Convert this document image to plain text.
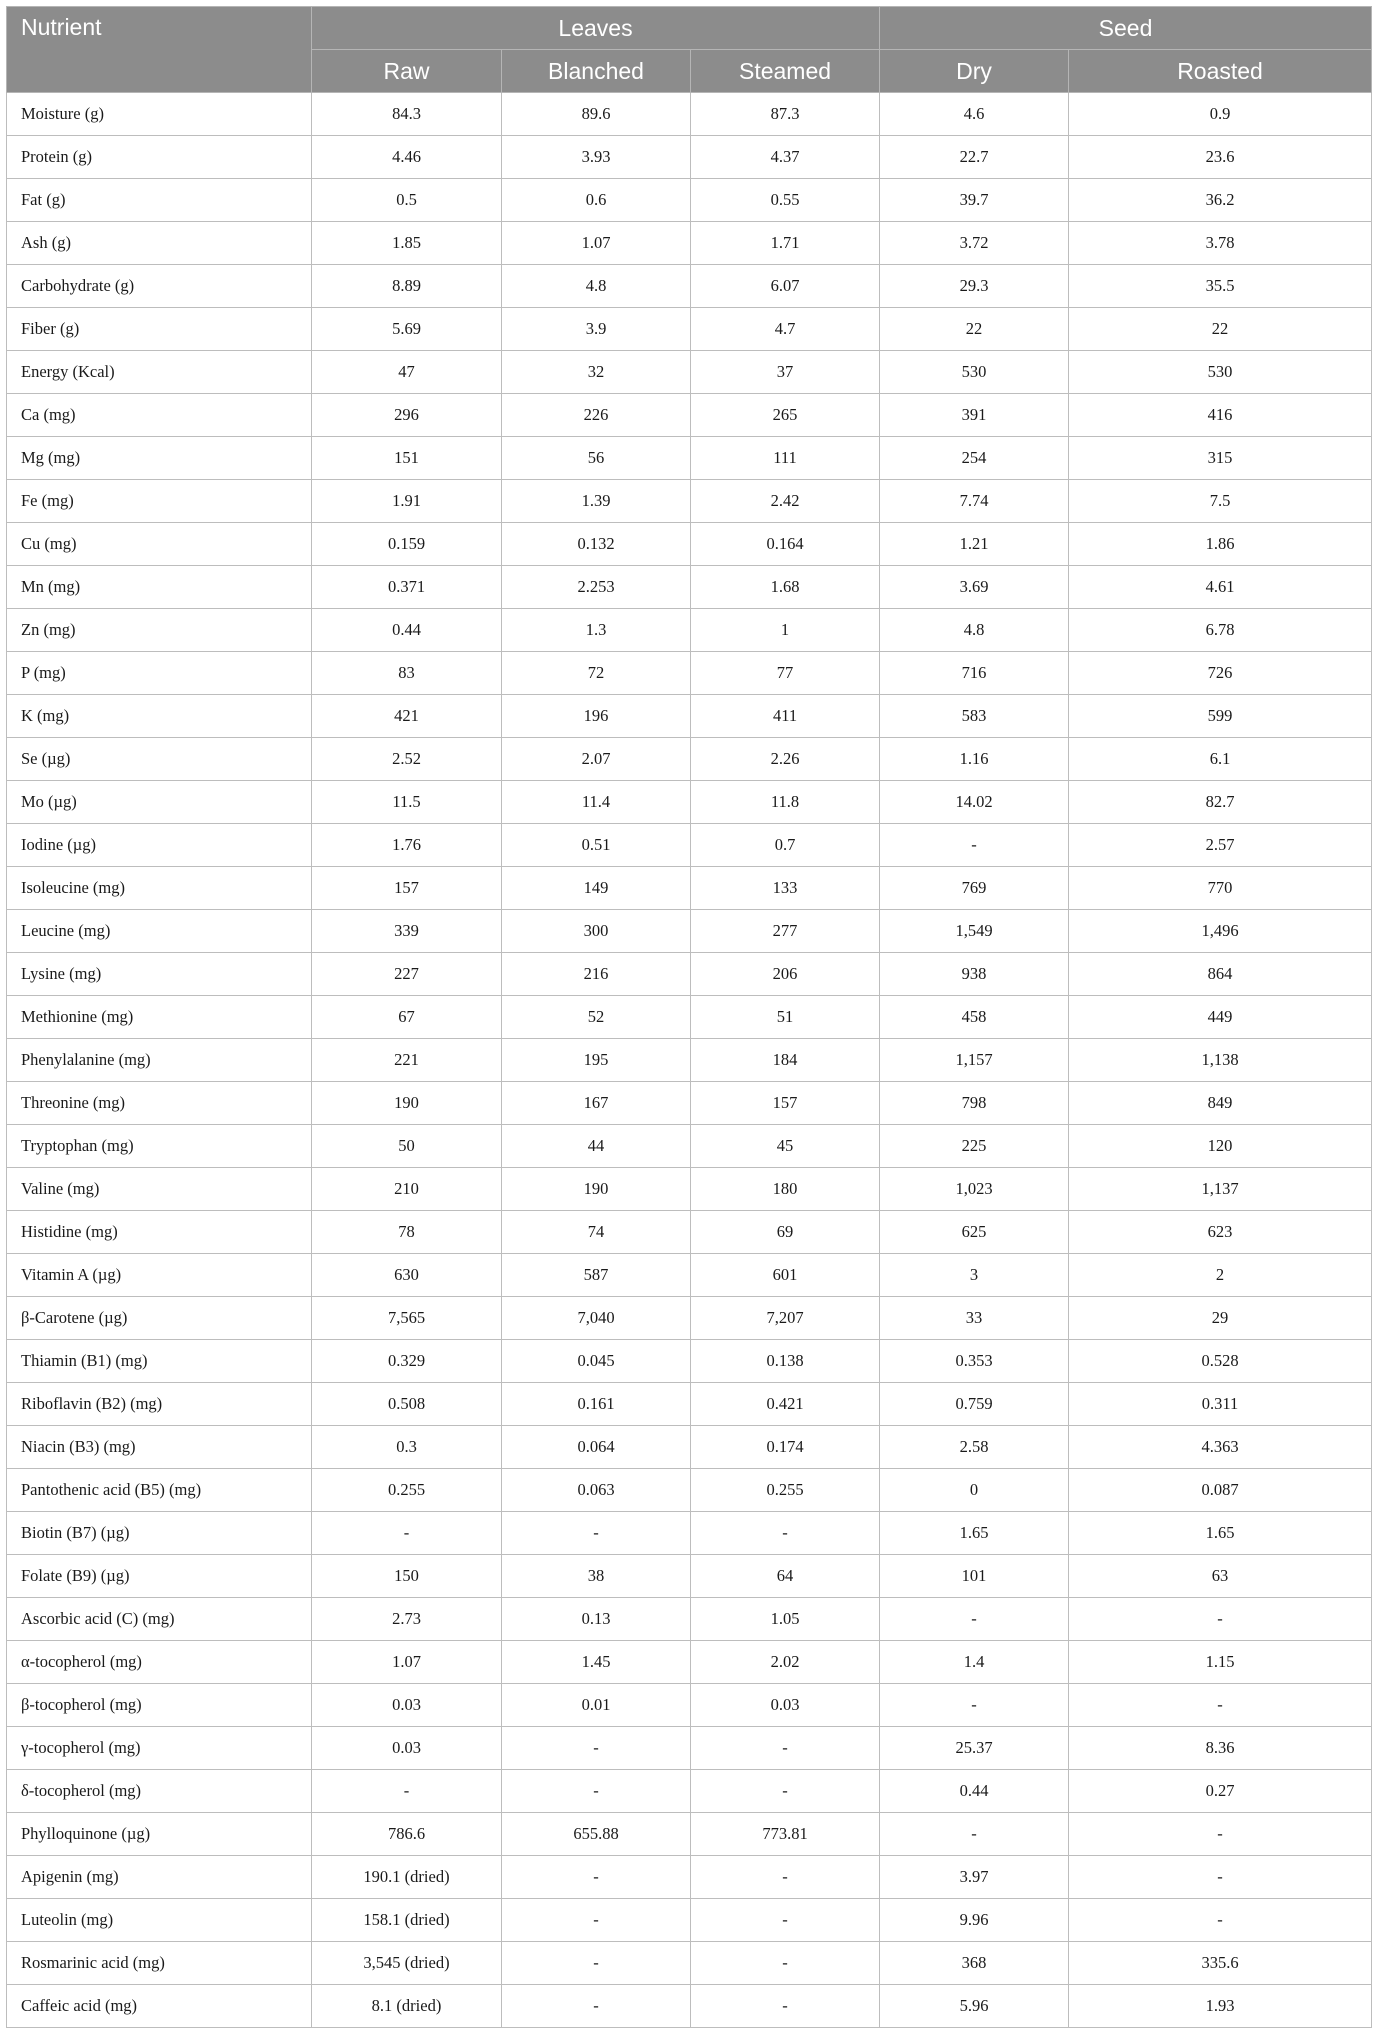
Nutrient	Leaves			Seed	
	Raw	Blanched	Steamed	Dry	Roasted
Moisture (g)	84.3	89.6	87.3	4.6	0.9
Protein (g)	4.46	3.93	4.37	22.7	23.6
Fat (g)	0.5	0.6	0.55	39.7	36.2
Ash (g)	1.85	1.07	1.71	3.72	3.78
Carbohydrate (g)	8.89	4.8	6.07	29.3	35.5
Fiber (g)	5.69	3.9	4.7	22	22
Energy (Kcal)	47	32	37	530	530
Ca (mg)	296	226	265	391	416
Mg (mg)	151	56	111	254	315
Fe (mg)	1.91	1.39	2.42	7.74	7.5
Cu (mg)	0.159	0.132	0.164	1.21	1.86
Mn (mg)	0.371	2.253	1.68	3.69	4.61
Zn (mg)	0.44	1.3	1	4.8	6.78
P (mg)	83	72	77	716	726
K (mg)	421	196	411	583	599
Se (µg)	2.52	2.07	2.26	1.16	6.1
Mo (µg)	11.5	11.4	11.8	14.02	82.7
Iodine (µg)	1.76	0.51	0.7	-	2.57
Isoleucine (mg)	157	149	133	769	770
Leucine (mg)	339	300	277	1,549	1,496
Lysine (mg)	227	216	206	938	864
Methionine (mg)	67	52	51	458	449
Phenylalanine (mg)	221	195	184	1,157	1,138
Threonine (mg)	190	167	157	798	849
Tryptophan (mg)	50	44	45	225	120
Valine (mg)	210	190	180	1,023	1,137
Histidine (mg)	78	74	69	625	623
Vitamin A (µg)	630	587	601	3	2
β-Carotene (µg)	7,565	7,040	7,207	33	29
Thiamin (B1) (mg)	0.329	0.045	0.138	0.353	0.528
Riboflavin (B2) (mg)	0.508	0.161	0.421	0.759	0.311
Niacin (B3) (mg)	0.3	0.064	0.174	2.58	4.363
Pantothenic acid (B5) (mg)	0.255	0.063	0.255	0	0.087
Biotin (B7) (µg)	-	-	-	1.65	1.65
Folate (B9) (µg)	150	38	64	101	63
Ascorbic acid (C) (mg)	2.73	0.13	1.05	-	-
α-tocopherol (mg)	1.07	1.45	2.02	1.4	1.15
β-tocopherol (mg)	0.03	0.01	0.03	-	-
γ-tocopherol (mg)	0.03	-	-	25.37	8.36
δ-tocopherol (mg)	-	-	-	0.44	0.27
Phylloquinone (µg)	786.6	655.88	773.81	-	-
Apigenin (mg)	190.1 (dried)	-	-	3.97	-
Luteolin (mg)	158.1 (dried)	-	-	9.96	-
Rosmarinic acid (mg)	3,545 (dried)	-	-	368	335.6
Caffeic acid (mg)	8.1 (dried)	-	-	5.96	1.93
